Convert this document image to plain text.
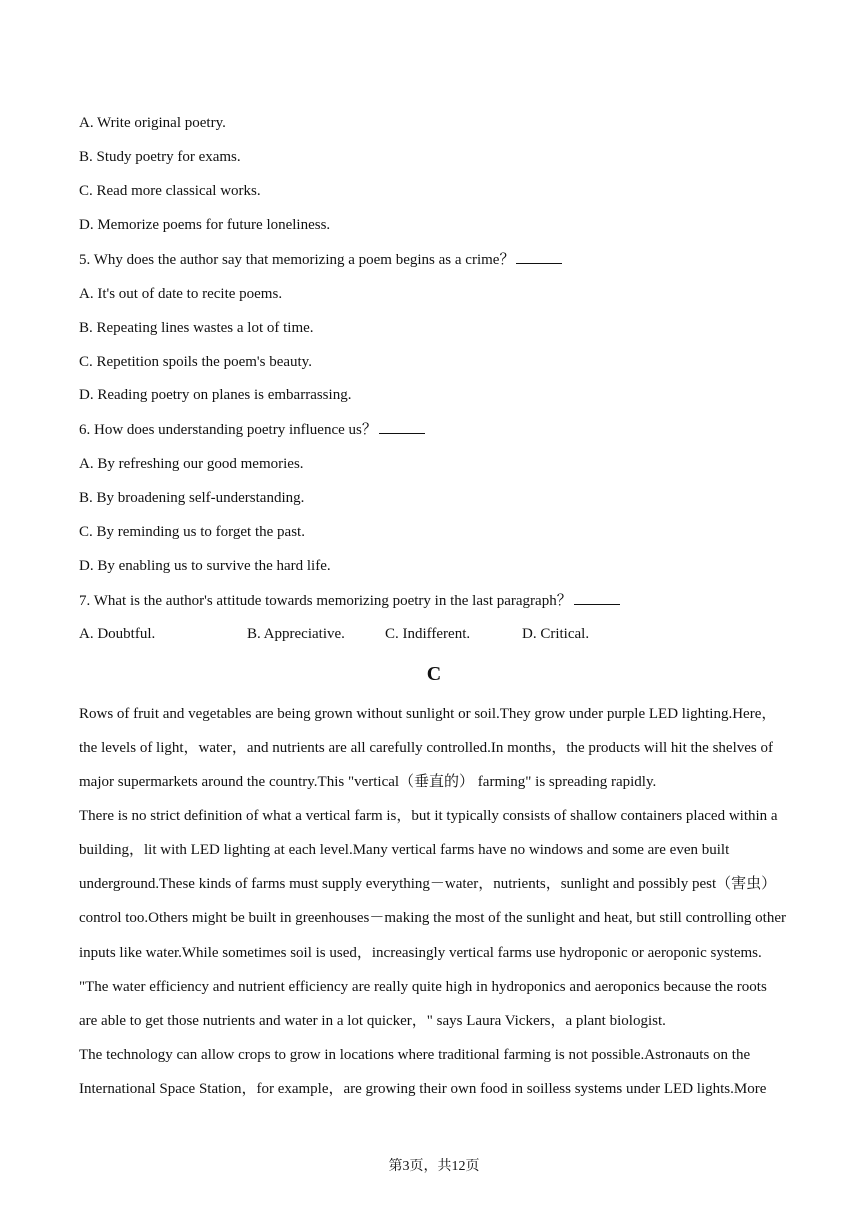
A. Write original poetry.
B. Study poetry for exams.
C. Read more classical works.
D. Memorize poems for future loneliness.
5. Why does the author say that memorizing a poem begins as a crime？
A. It's out of date to recite poems.
B. Repeating lines wastes a lot of time.
C. Repetition spoils the poem's beauty.
D. Reading poetry on planes is embarrassing.
6. How does understanding poetry influence us？
A. By refreshing our good memories.
B. By broadening self-understanding.
C. By reminding us to forget the past.
D. By enabling us to survive the hard life.
7. What is the author's attitude towards memorizing poetry in the last paragraph？
A. Doubtful.	B. Appreciative.	C. Indifferent.	D. Critical.
C
Rows of fruit and vegetables are being grown without sunlight or soil.They grow under purple LED lighting.Here，
the levels of light，water，and nutrients are all carefully controlled.In months，the products will hit the shelves of
major supermarkets around the country.This "vertical（垂直的） farming" is spreading rapidly.
There is no strict definition of what a vertical farm is，but it typically consists of shallow containers placed within a
building，lit with LED lighting at each level.Many vertical farms have no windows and some are even built
underground.These kinds of farms must supply everything－water，nutrients，sunlight and possibly pest（害虫）
control too.Others might be built in greenhouses－making the most of the sunlight and heat, but still controlling other
inputs like water.While sometimes soil is used，increasingly vertical farms use hydroponic or aeroponic systems.
"The water efficiency and nutrient efficiency are really quite high in hydroponics and aeroponics because the roots
are able to get those nutrients and water in a lot quicker，" says Laura Vickers，a plant biologist.
The technology can allow crops to grow in locations where traditional farming is not possible.Astronauts on the
International Space Station，for example，are growing their own food in soilless systems under LED lights.More
第3页，共12页
